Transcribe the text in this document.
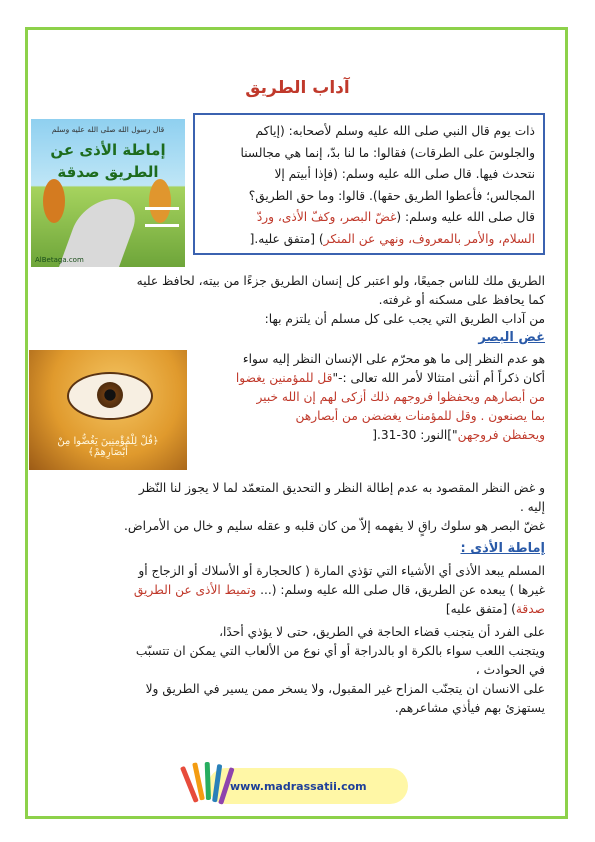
آداب الطريق
ذات يوم قال النبي صلى الله عليه وسلم لأصحابه: (إياكم
والجلوسَ على الطرقات) فقالوا: ما لنا بدّ، إنما هي مجالسنا
نتحدث فيها. قال صلى الله عليه وسلم: (فإذا أبيتم إلا
المجالس؛ فأعطوا الطريق حقها). قالوا: وما حق الطريق؟
قال صلى الله عليه وسلم: (غضّ البصر، وكفّ الأذى، وردّ
السلام، والأمر بالمعروف، ونهي عن المنكر) [متفق عليه.[
قال رسول الله صلى الله عليه وسلم
إماطة الأذى عن
الطريق صدقة
AlBetaga.com
الطريق ملك للناس جميعًا، ولو اعتبر كل إنسان الطريق جزءًا من بيته، لحافظ عليه
كما يحافظ على مسكنه أو غرفته.
من آداب الطريق التي يجب على كل مسلم أن يلتزم بها:
غض البصر
﴿قُلْ لِلْمُؤْمِنِينَ يَغُضُّوا مِنْ أَبْصَارِهِمْ﴾
هو عدم النظر إلى ما هو محرّم على الإنسان النظر إليه سواء
أكان ذكراً أم أنثى امتثالا لأمر الله تعالى :-"قل للمؤمنين يغضوا
من أبصارهم ويحفظوا فروجهم ذلك أزكى لهم إن الله خبير
بما يصنعون . وقل للمؤمنات يغضضن من أبصارهن
ويحفظن فروجهن"]النور: 30-31.[
و غض النظر المقصود به عدم إطالة النظر و التحديق المتعمّد لما لا يجوز لنا النّظر
إليه .
غضّ البصر هو سلوك راقٍ لا يفهمه إلاّ من كان قلبه و عقله سليم و خال من الأمراض.
إماطة الأذى :
المسلم يبعد الأذى أي الأشياء التي تؤذي المارة ( كالحجارة أو الأسلاك أو الزجاج أو
غيرها ) يبعده عن الطريق، قال صلى الله عليه وسلم: (... وتميط الأذى عن الطريق
صدقة) [متفق عليه]
على الفرد أن يتجنب قضاء الحاجة في الطريق، حتى لا يؤذي أحدًا،
ويتجنب اللعب سواء بالكرة او بالدراجة أو أي نوع من الألعاب التي يمكن ان تتسبّب
في الحوادث ،
على الانسان ان يتجنّب المزاح غير المقبول، ولا يسخر ممن يسير في الطريق ولا
يستهزئ بهم فيأذي مشاعرهم.
www.madrassatii.com
